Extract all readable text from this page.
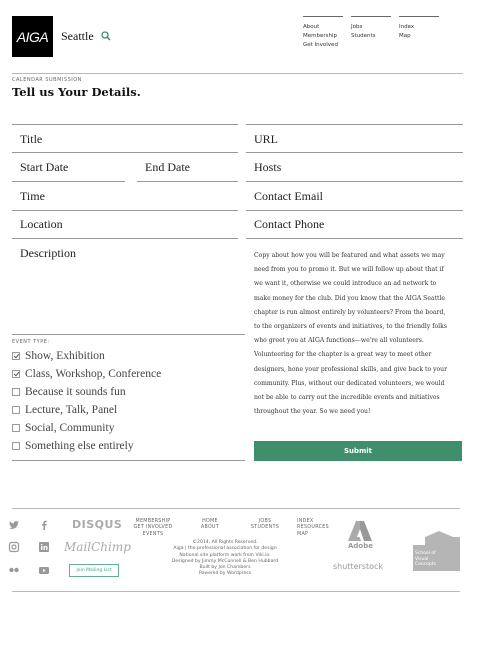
AIGA	Seattle
About
Membership
Get Involved
Jobs
Students
Index
Map
CALENDAR SUBMISSION
Tell us Your Details.
Title	URL
Start Date	End Date	Hosts
Time	Contact Email
Location	Contact Phone
Description	Copy about how you will be featured and what assets we may
need from you to promo it. But we will follow up about that if
we want it, otherwise we could introduce an ad network to
make money for the club. Did you know that the AIGA Seattle
chapter is run almost entirely by volunteers? From the board,
to the organizers of events and initiatives, to the friendly folks
who greet you at AIGA functions—we're all volunteers.
Volunteering for the chapter is a great way to meet other
designers, hone your professional skills, and give back to your
community. Plus, without our dedicated volunteers, we would
not be able to carry out the incredible events and initiatives
throughout the year. So we need you!
EVENT TYPE:
Show, Exhibition
Class, Workshop, Conference
Because it sounds fun
Lecture, Talk, Panel
Social, Community
Something else entirely	Submit
DISQUS
MailChimp
Join Mailing List
MEMBERSHIP
GET INVOLVED
EVENTS
HOME
ABOUT
JOBS
STUDENTS
INDEX
RESOURCES
MAP
©2014, All Rights Reserved.
Aiga | the professional association for design
National site platform work from Viki.io.
Designed by Jimmy McConnell & Ben Hubbard
Built by Jon Chambers
Powered by Wordpress
Adobe
shutterstock
School of
Visual
Concepts
